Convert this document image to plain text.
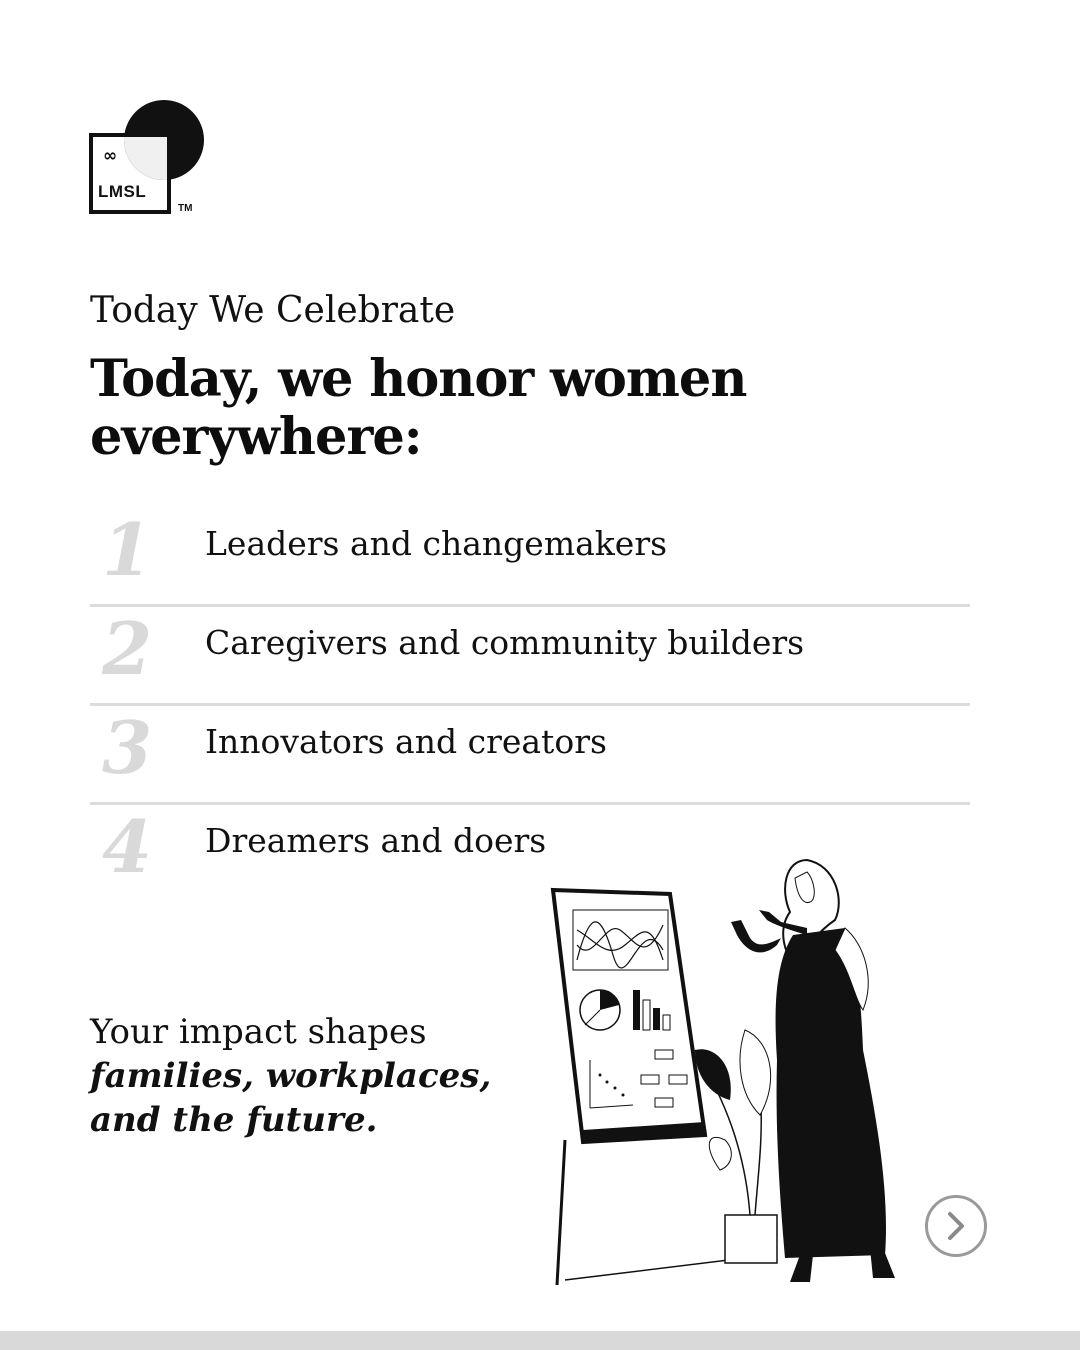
∞
LMSL
TM

Today We Celebrate

Today, we honor women everywhere:
1 Leaders and changemakers
2 Caregivers and community builders
3 Innovators and creators
4 Dreamers and doers

Your impact shapes
families, workplaces, and the future.
